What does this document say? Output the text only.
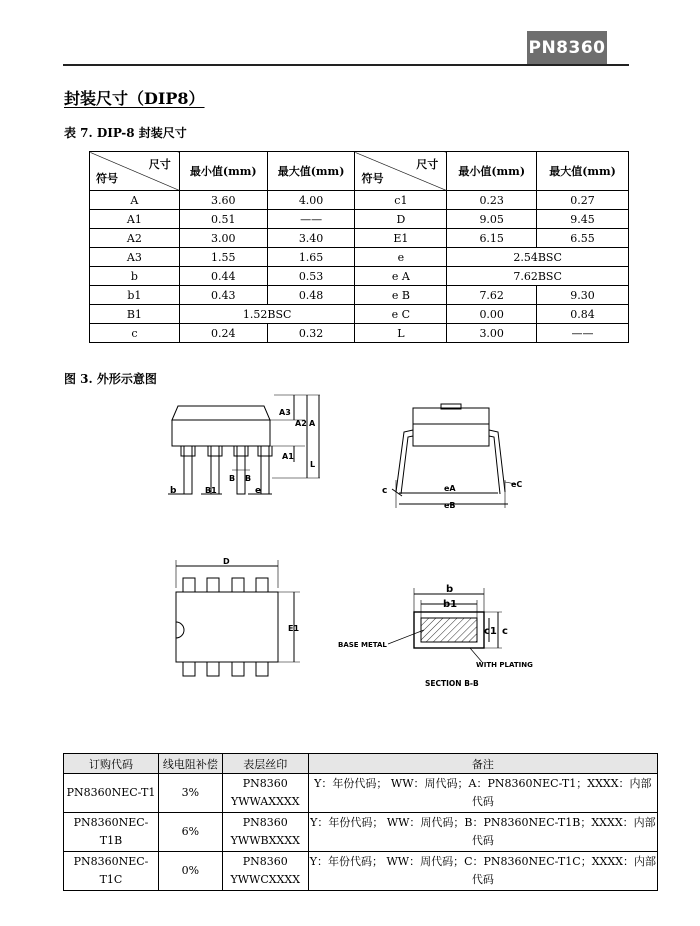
PN8360
封装尺寸（DIP8）
表 7. DIP-8 封装尺寸
尺寸
符号	最小值(mm)	最大值(mm)	尺寸
符号	最小值(mm)	最大值(mm)
A	3.60	4.00	c1	0.23	0.27
A1	0.51	——	D	9.05	9.45
A2	3.00	3.40	E1	6.15	6.55
A3	1.55	1.65	e	2.54BSC	
b	0.44	0.53	e A	7.62BSC	
b1	0.43	0.48	e B	7.62	9.30
B1	1.52BSC		e C	0.00	0.84
c	0.24	0.32	L	3.00	——
图 3. 外形示意图
A3
A2 A
A1
L
b	B1
B B
e	c	eA
eB
eC
D
E1
b
b1
c1 c
BASE METAL
WITH PLATING
SECTION B-B
订购代码	线电阻补偿	表层丝印	备注
PN8360NEC-T1	3%	PN8360
YWWAXXXX	Y：年份代码； WW：周代码；A：PN8360NEC-T1；XXXX：内部代码
PN8360NEC-T1B	6%	PN8360
YWWBXXXX	Y：年份代码； WW：周代码；B：PN8360NEC-T1B；XXXX：内部代码
PN8360NEC-T1C	0%	PN8360
YWWCXXXX	Y：年份代码； WW：周代码；C：PN8360NEC-T1C；XXXX：内部代码
